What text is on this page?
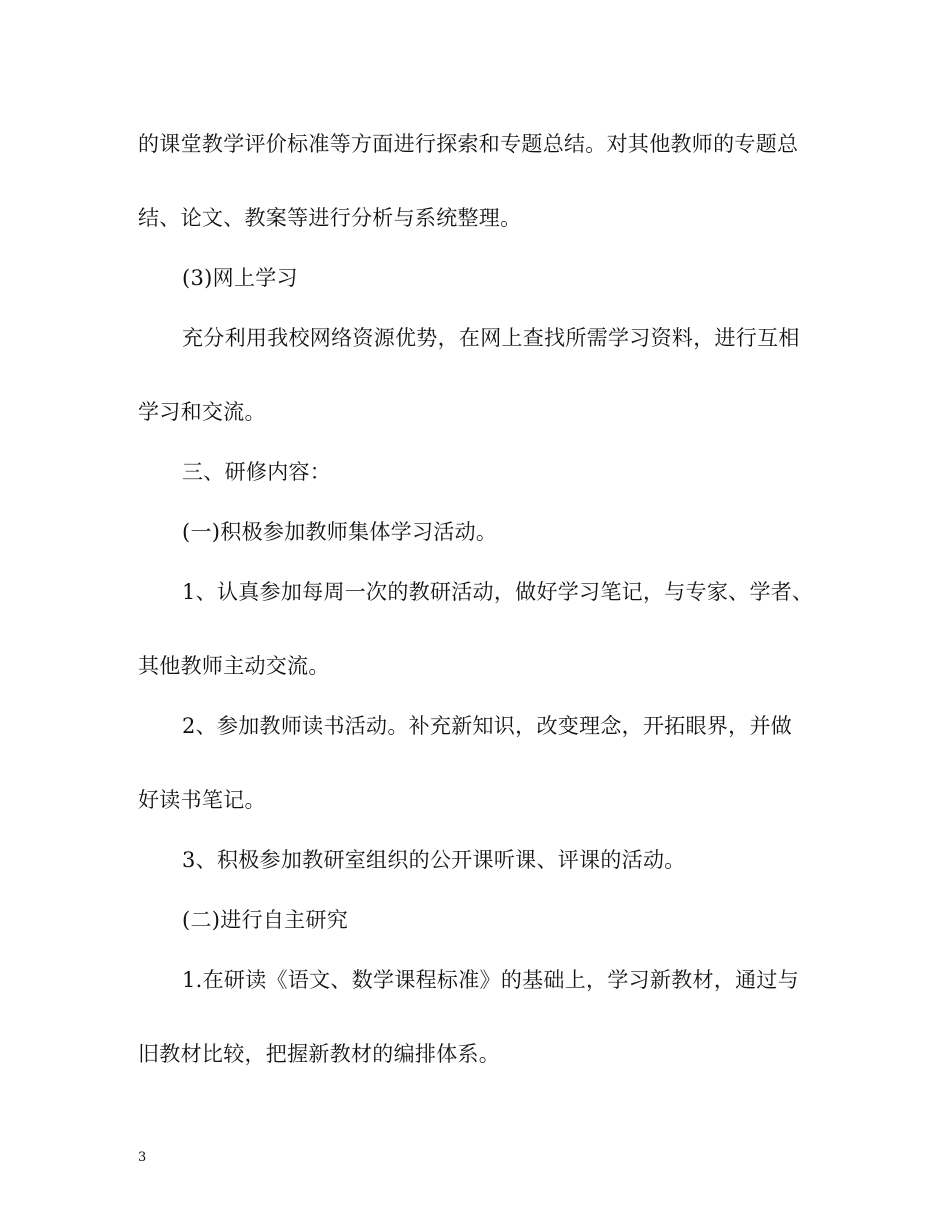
的课堂教学评价标准等方面进行探索和专题总结。对其他教师的专题总
结、论文、教案等进行分析与系统整理。
(3)网上学习
充分利用我校网络资源优势，在网上查找所需学习资料，进行互相
学习和交流。
三、研修内容：
(一)积极参加教师集体学习活动。
1、认真参加每周一次的教研活动，做好学习笔记，与专家、学者、
其他教师主动交流。
2、参加教师读书活动。补充新知识，改变理念，开拓眼界，并做
好读书笔记。
3、积极参加教研室组织的公开课听课、评课的活动。
(二)进行自主研究
1.在研读《语文、数学课程标准》的基础上，学习新教材，通过与
旧教材比较，把握新教材的编排体系。
3
